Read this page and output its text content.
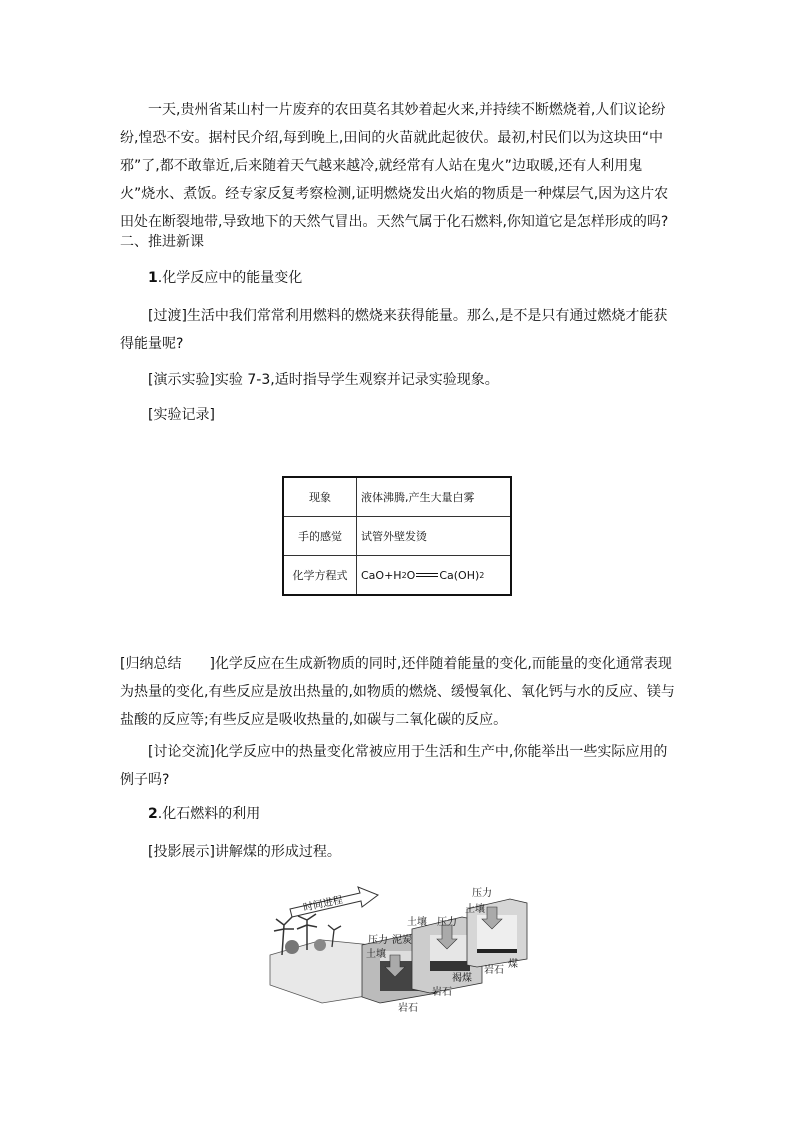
一天,贵州省某山村一片废弃的农田莫名其妙着起火来,并持续不断燃烧着,人们议论纷纷,惶恐不安。据村民介绍,每到晚上,田间的火苗就此起彼伏。最初,村民们以为这块田“中邪”了,都不敢靠近,后来随着天气越来越冷,就经常有人站在鬼火”边取暖,还有人利用鬼火”烧水、煮饭。经专家反复考察检测,证明燃烧发出火焰的物质是一种煤层气,因为这片农田处在断裂地带,导致地下的天然气冒出。天然气属于化石燃料,你知道它是怎样形成的吗?
二、推进新课
1.化学反应中的能量变化
[过渡]生活中我们常常利用燃料的燃烧来获得能量。那么,是不是只有通过燃烧才能获得能量呢?
[演示实验]实验 7-3,适时指导学生观察并记录实验现象。
[实验记录]
现象	液体沸腾,产生大量白雾
手的感觉	试管外壁发烫
化学方程式	CaO+H 2 O Ca(OH) 2
[归纳总结 ]化学反应在生成新物质的同时,还伴随着能量的变化,而能量的变化通常表现为热量的变化,有些反应是放出热量的,如物质的燃烧、缓慢氧化、氧化钙与水的反应、镁与盐酸的反应等;有些反应是吸收热量的,如碳与二氧化碳的反应。
[讨论交流]化学反应中的热量变化常被应用于生活和生产中,你能举出一些实际应用的例子吗?
2.化石燃料的利用
[投影展示]讲解煤的形成过程。
时间进程
压力
土壤
土壤 压力
压力 泥炭
土壤
煤
岩石
褐煤
岩石
岩石
